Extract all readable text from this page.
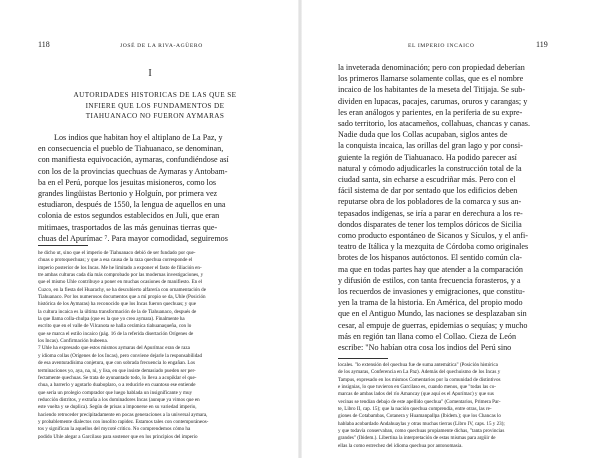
118	JOSÉ DE LA RIVA-AGÜERO
I
AUTORIDADES HISTORICAS DE LAS QUE SE
INFIERE QUE LOS FUNDAMENTOS DE
TIAHUANACO NO FUERON AYMARAS
Los indios que habitan hoy el altiplano de La Paz, y
en consecuencia el pueblo de Tiahuanaco, se denominan,
con manifiesta equivocación, aymaras, confundiéndose así
con los de la provincias quechuas de Aymaras y Antobam-
ba en el Perú, porque los jesuitas misioneros, como los
grandes lingüistas Bertonio y Holguín, por primera vez
estudiaron, después de 1550, la lengua de aquellos en una
colonia de estos segundos establecidos en Juli, que eran
mitimaes, trasportados de las más genuinas tierras que-
chuas del Apurímac ⁷. Para mayor comodidad, seguiremos
he dicho ut, sino que el imperio de Tiahuanaco debió de ser fundado por que-
chuas o protoquechuas; y que a esa causa de la raza quechua corresponde el
imperio posterior de los Incas. Me he limitado a exponer el fasto de filiación en-
tre ambas culturas cada día más comprobado por las modernas investigaciones, y
que el mismo Uhle contribuye a poner en muchas ocasiones de manifiesto. En el
Cuzco, en la fiesta del Huarachy, se ha descubierto alfarería con ornamentación de
Tiahuanaco. Por los numerosos documentos que a mí propio se da, Uhle (Posición
histórica de los Aymaras) ha reconocido que los Incas fueron quechuas; y que
la cultura incaica es la última transformación de la de Tiahuanaco, después de
la que llama colla-chulpa (que es la que yo creo aymara). Finalmente ha
escrito que en el valle de Vilcanota se halla cerámica tiahuanaqueña, con lo
que se marca el estilo incaico (pág. 16 de la referida disertación Orígenes de
los Incas). Confirmación bubeena.
7 Uhle ha expresado que estos mismos aymaras del Apurímac eran de raza
y idioma collas (Orígenes de los Incas), pero conviene dejarle la responsabilidad
de esa aventuradísima conjetura, que con sobrada frecuencia lo engañan. Los
terminaciones yo, aya, na, ni, y lisa, en que insiste demasiado pueden ser per-
fectamente quechuas. Se trata de ayunantado todo, lo lleva a acopiklar el que-
chua, a barrerlo y agotarlo duaboplaro, o a reducirle en cuantoso ese entiende
que sería un prolegio comprador que luego hablada un insignificante y muy
reducción distritos, y extraña a los dominadores Incas (aunque ya vimos que en
este vuelta y se duplica). Según de prisas a imponerse en su variedad imperio,
haciendo retroceder precipitadamente en pocas generaciones a la universal aymara,
y probablemente dialectos con insolito rapidez. Estamos tales con contemporáneos-
tos y significan la aquellos del mycoté critico. No comprendemos cómo ha
podido Uhle alegar a Garcilaso para sostener que en los principios del imperio
EL IMPERIO INCAICO	119
la inveterada denominación; pero con propiedad deberían
los primeros llamarse solamente collas, que es el nombre
incaico de los habitantes de la meseta del Titijaja. Se sub-
dividen en lupacas, pacajes, carumas, oruros y carangas; y
les eran análogos y parientes, en la periferia de su expre-
sado territorio, los atacameños, collahuas, chancas y canas.
Nadie duda que los Collas acupaban, siglos antes de
la conquista incaica, las orillas del gran lago y por consi-
guiente la región de Tiahuanaco. Ha podido parecer así
natural y cómodo adjudicarles la construcción total de la
ciudad santa, sin echarse a escudriñar más. Pero con el
fácil sistema de dar por sentado que los edificios deben
reputarse obra de los pobladores de la comarca y sus an-
tepasados indígenas, se iría a parar en derechura a los re-
dondos disparates de tener los templos dóricos de Sicilia
como producto espontáneo de Sicanos y Sículos, y el anfi-
teatro de Itálica y la mezquita de Córdoba como originales
brotes de los hispanos autóctonos. El sentido común cla-
ma que en todas partes hay que atender a la comparación
y difusión de estilos, con tanta frecuencia forasteros, y a
los recuerdos de invasiones y emigraciones, que constitu-
yen la trama de la historia. En América, del propio modo
que en el Antiguo Mundo, las naciones se desplazaban sin
cesar, al empuje de guerras, epidemias o sequías; y mucho
más en región tan llana como el Collao. Cieza de León
escribe: "No habían otra cosa los indios del Perú sino
locales. "lo extensión del quechua fue de suma antemática" (Posición histórica
de los aymaras, Conferencia en La Paz). Además del quechuismo de los Incas y
Tampus, expresado en los mismos Comentarios por la comunidad de distintivos
e insignias, lo que tuvieron en Garcilaso es, cuando menos, que "todas las co-
marcas de ambas lados del río Amancay (que aquí es el Apurímac) y que sus
vecinas se tendían debajo de este apellido quechua" (Comentarios, Primera Par-
te, Libro II, cap. 15); que la nación quechua comprendía, entre otras, las re-
giones de Cotabambas, Cotanera y Huamanpallpa (Ibidem.); que los Chancas lo
hablaba acobardado Andahuaylas y otras muchas tierras (Libro IV, caps. 15 y 23);
y que todavía conservaban, como quechuas propiamente dichas, "tanta provincias
grandes" (Ibidem.). Libertina la interpretación de estas mismas para argüir de
ellas la como estrechez del idioma quechua por antonomasia.
